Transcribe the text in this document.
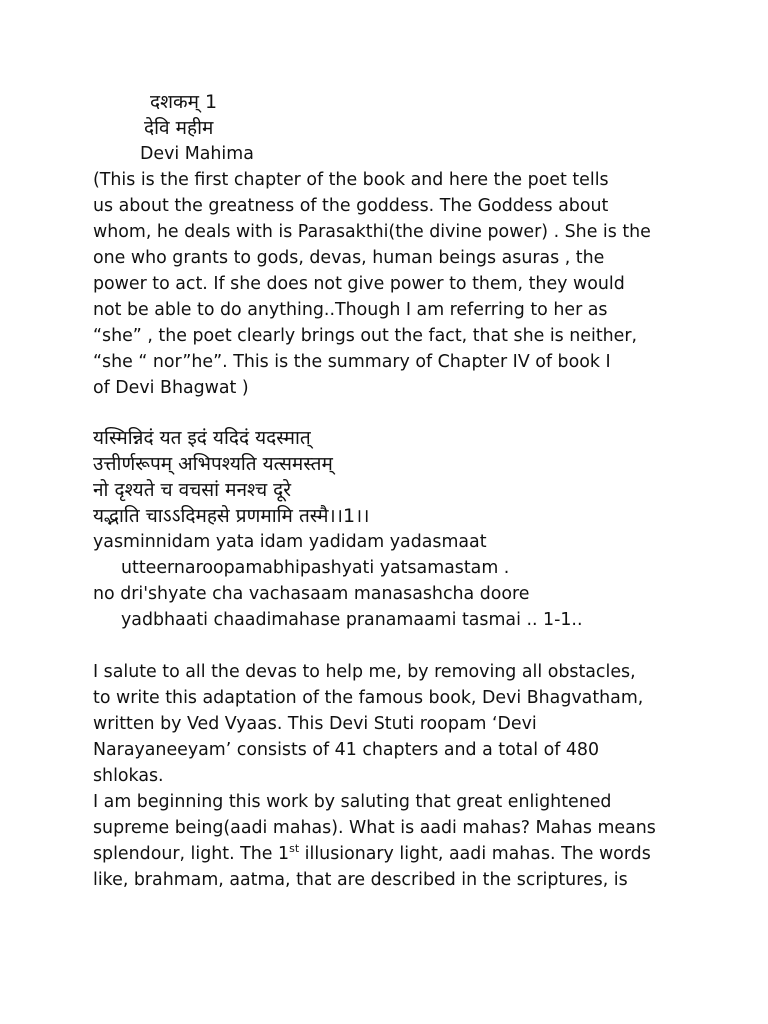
दशकम् 1
देवि महीम
Devi Mahima
(This is the first chapter of the book and here the poet tells
us about the greatness of the goddess. The Goddess about
whom, he deals with is Parasakthi(the divine power) . She is the
one who grants to gods, devas, human beings asuras , the
power to act. If she does not give power to them, they would
not be able to do anything..Though I am referring to her as
“she” , the poet clearly brings out the fact, that she is neither,
“she “ nor”he”. This is the summary of Chapter IV of book I
of Devi Bhagwat )
यस्मिन्निदं यत इदं यदिदं यदस्मात्
उत्तीर्णरूपम् अभिपश्यति यत्समस्तम्
नो दृश्यते च वचसां मनश्च दूरे
यद्भाति चाऽऽदिमहसे प्रणमामि तस्मै।।1।।
yasminnidam yata idam yadidam yadasmaat
utteernaroopamabhipashyati yatsamastam .
no dri'shyate cha vachasaam manasashcha doore
yadbhaati chaadimahase pranamaami tasmai .. 1-1..
I salute to all the devas to help me, by removing all obstacles,
to write this adaptation of the famous book, Devi Bhagvatham,
written by Ved Vyaas. This Devi Stuti roopam ‘Devi
Narayaneeyam’ consists of 41 chapters and a total of 480
shlokas.
I am beginning this work by saluting that great enlightened
supreme being(aadi mahas). What is aadi mahas? Mahas means
splendour, light. The 1st illusionary light, aadi mahas. The words
like, brahmam, aatma, that are described in the scriptures, is
